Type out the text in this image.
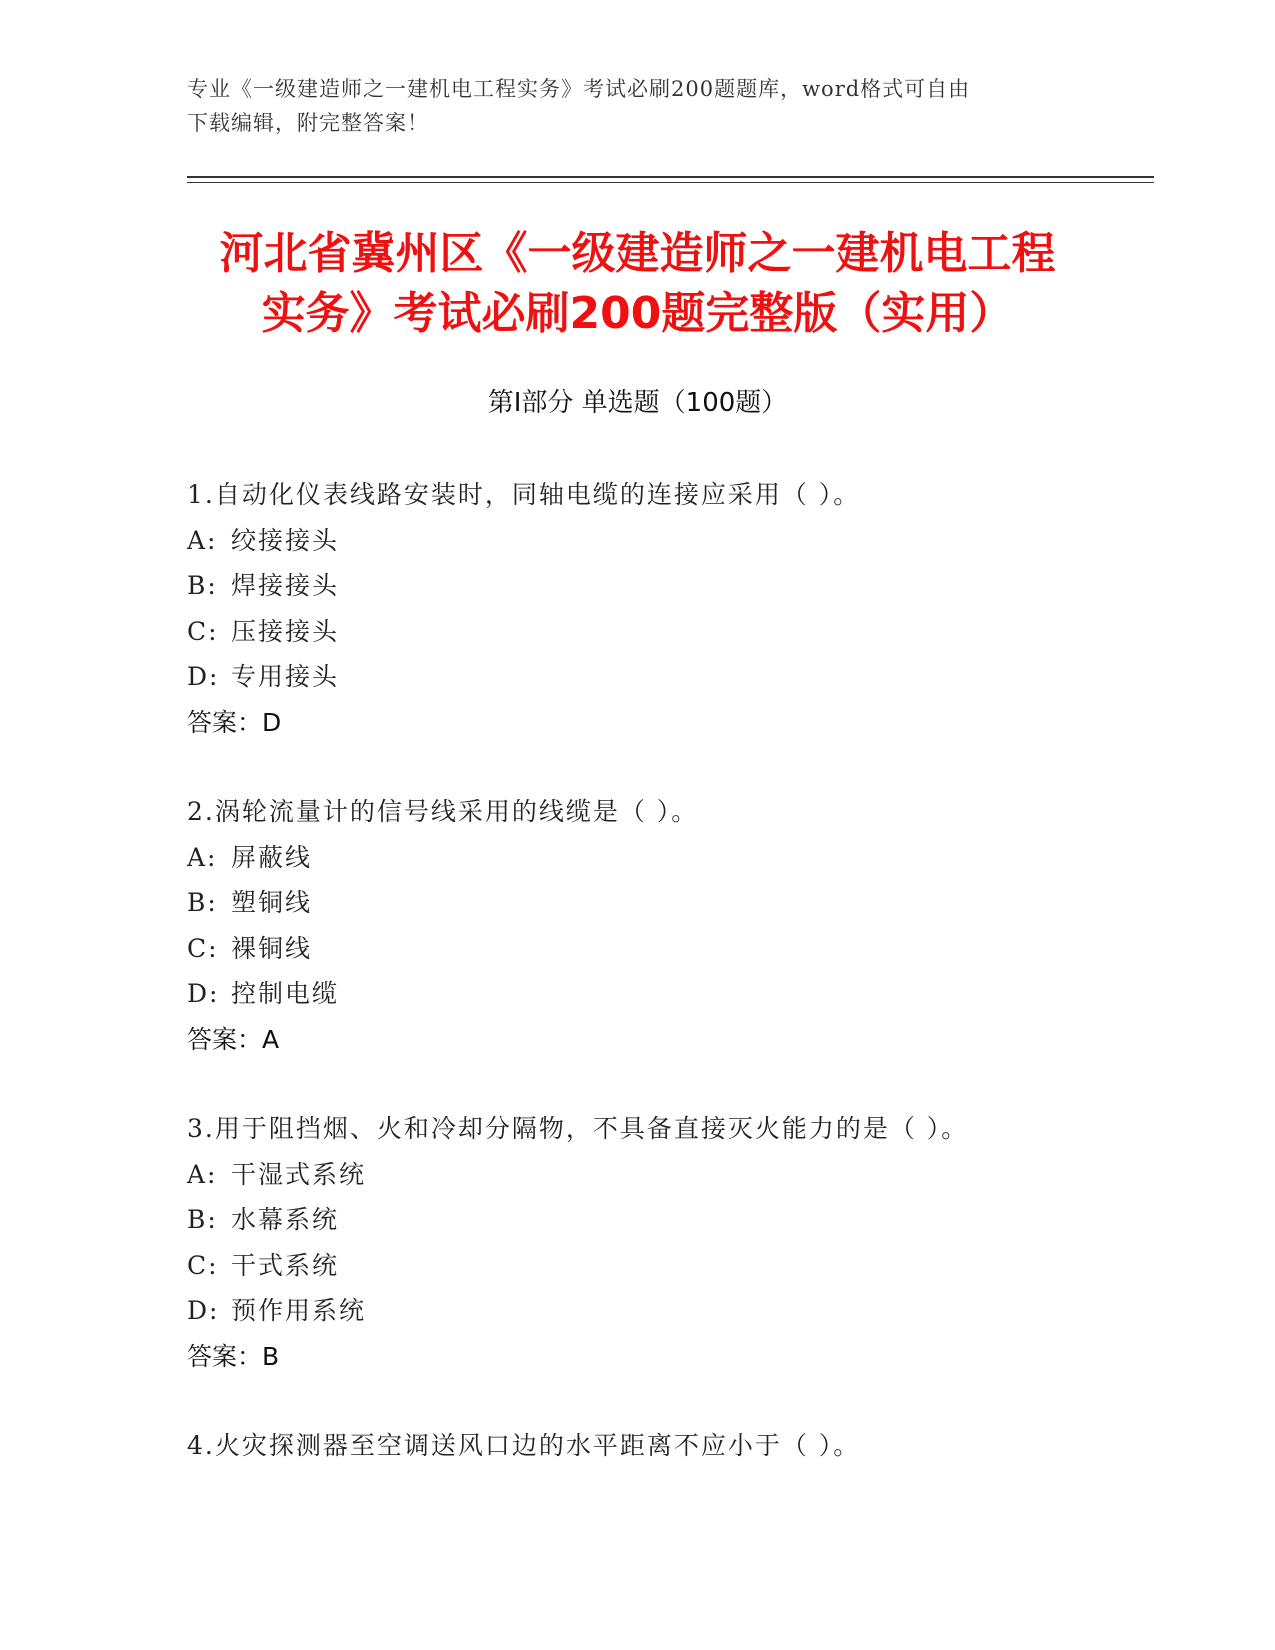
专业《一级建造师之一建机电工程实务》考试必刷200题题库，word格式可自由
下载编辑，附完整答案！
河北省冀州区《一级建造师之一建机电工程
实务》考试必刷200题完整版（实用）
第Ⅰ部分 单选题（100题）
1.自动化仪表线路安装时，同轴电缆的连接应采用（ ）。
A: 绞接接头
B: 焊接接头
C: 压接接头
D: 专用接头
答案：D
2.涡轮流量计的信号线采用的线缆是（ ）。
A: 屏蔽线
B: 塑铜线
C: 裸铜线
D: 控制电缆
答案：A
3.用于阻挡烟、火和冷却分隔物，不具备直接灭火能力的是（ ）。
A: 干湿式系统
B: 水幕系统
C: 干式系统
D: 预作用系统
答案：B
4.火灾探测器至空调送风口边的水平距离不应小于（ ）。
